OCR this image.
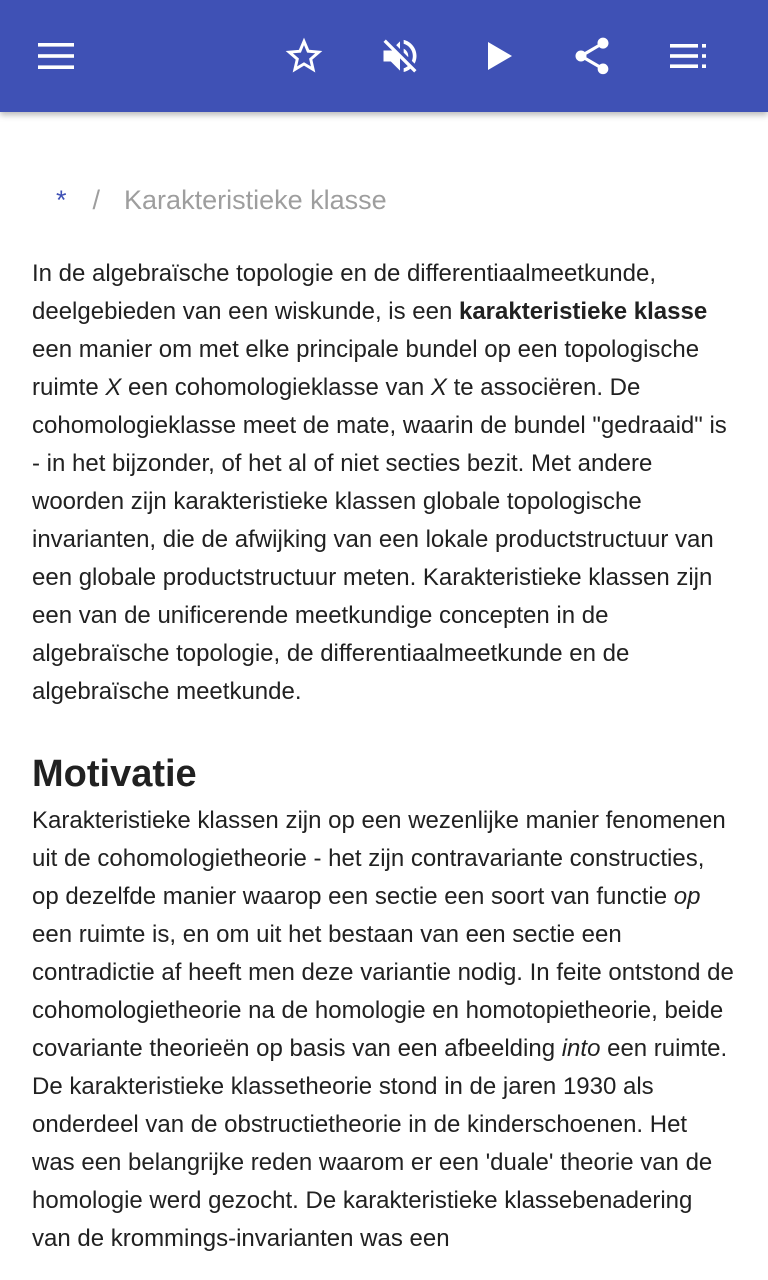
* / Karakteristieke klasse

In de algebraïsche topologie en de differentiaalmeetkunde, deelgebieden van een wiskunde, is een karakteristieke klasse een manier om met elke principale bundel op een topologische ruimte X een cohomologieklasse van X te associëren. De cohomologieklasse meet de mate, waarin de bundel "gedraaid" is - in het bijzonder, of het al of niet secties bezit. Met andere woorden zijn karakteristieke klassen globale topologische invarianten, die de afwijking van een lokale productstructuur van een globale productstructuur meten. Karakteristieke klassen zijn een van de unificerende meetkundige concepten in de algebraïsche topologie, de differentiaalmeetkunde en de algebraïsche meetkunde.

Motivatie

Karakteristieke klassen zijn op een wezenlijke manier fenomenen uit de cohomologietheorie - het zijn contravariante constructies, op dezelfde manier waarop een sectie een soort van functie op een ruimte is, en om uit het bestaan van een sectie een contradictie af heeft men deze variantie nodig. In feite ontstond de cohomologietheorie na de homologie en homotopietheorie, beide covariante theorieën op basis van een afbeelding into een ruimte. De karakteristieke klassetheorie stond in de jaren 1930 als onderdeel van de obstructietheorie in de kinderschoenen. Het was een belangrijke reden waarom er een 'duale' theorie van de homologie werd gezocht. De karakteristieke klassebenadering van de krommings-invarianten was een
